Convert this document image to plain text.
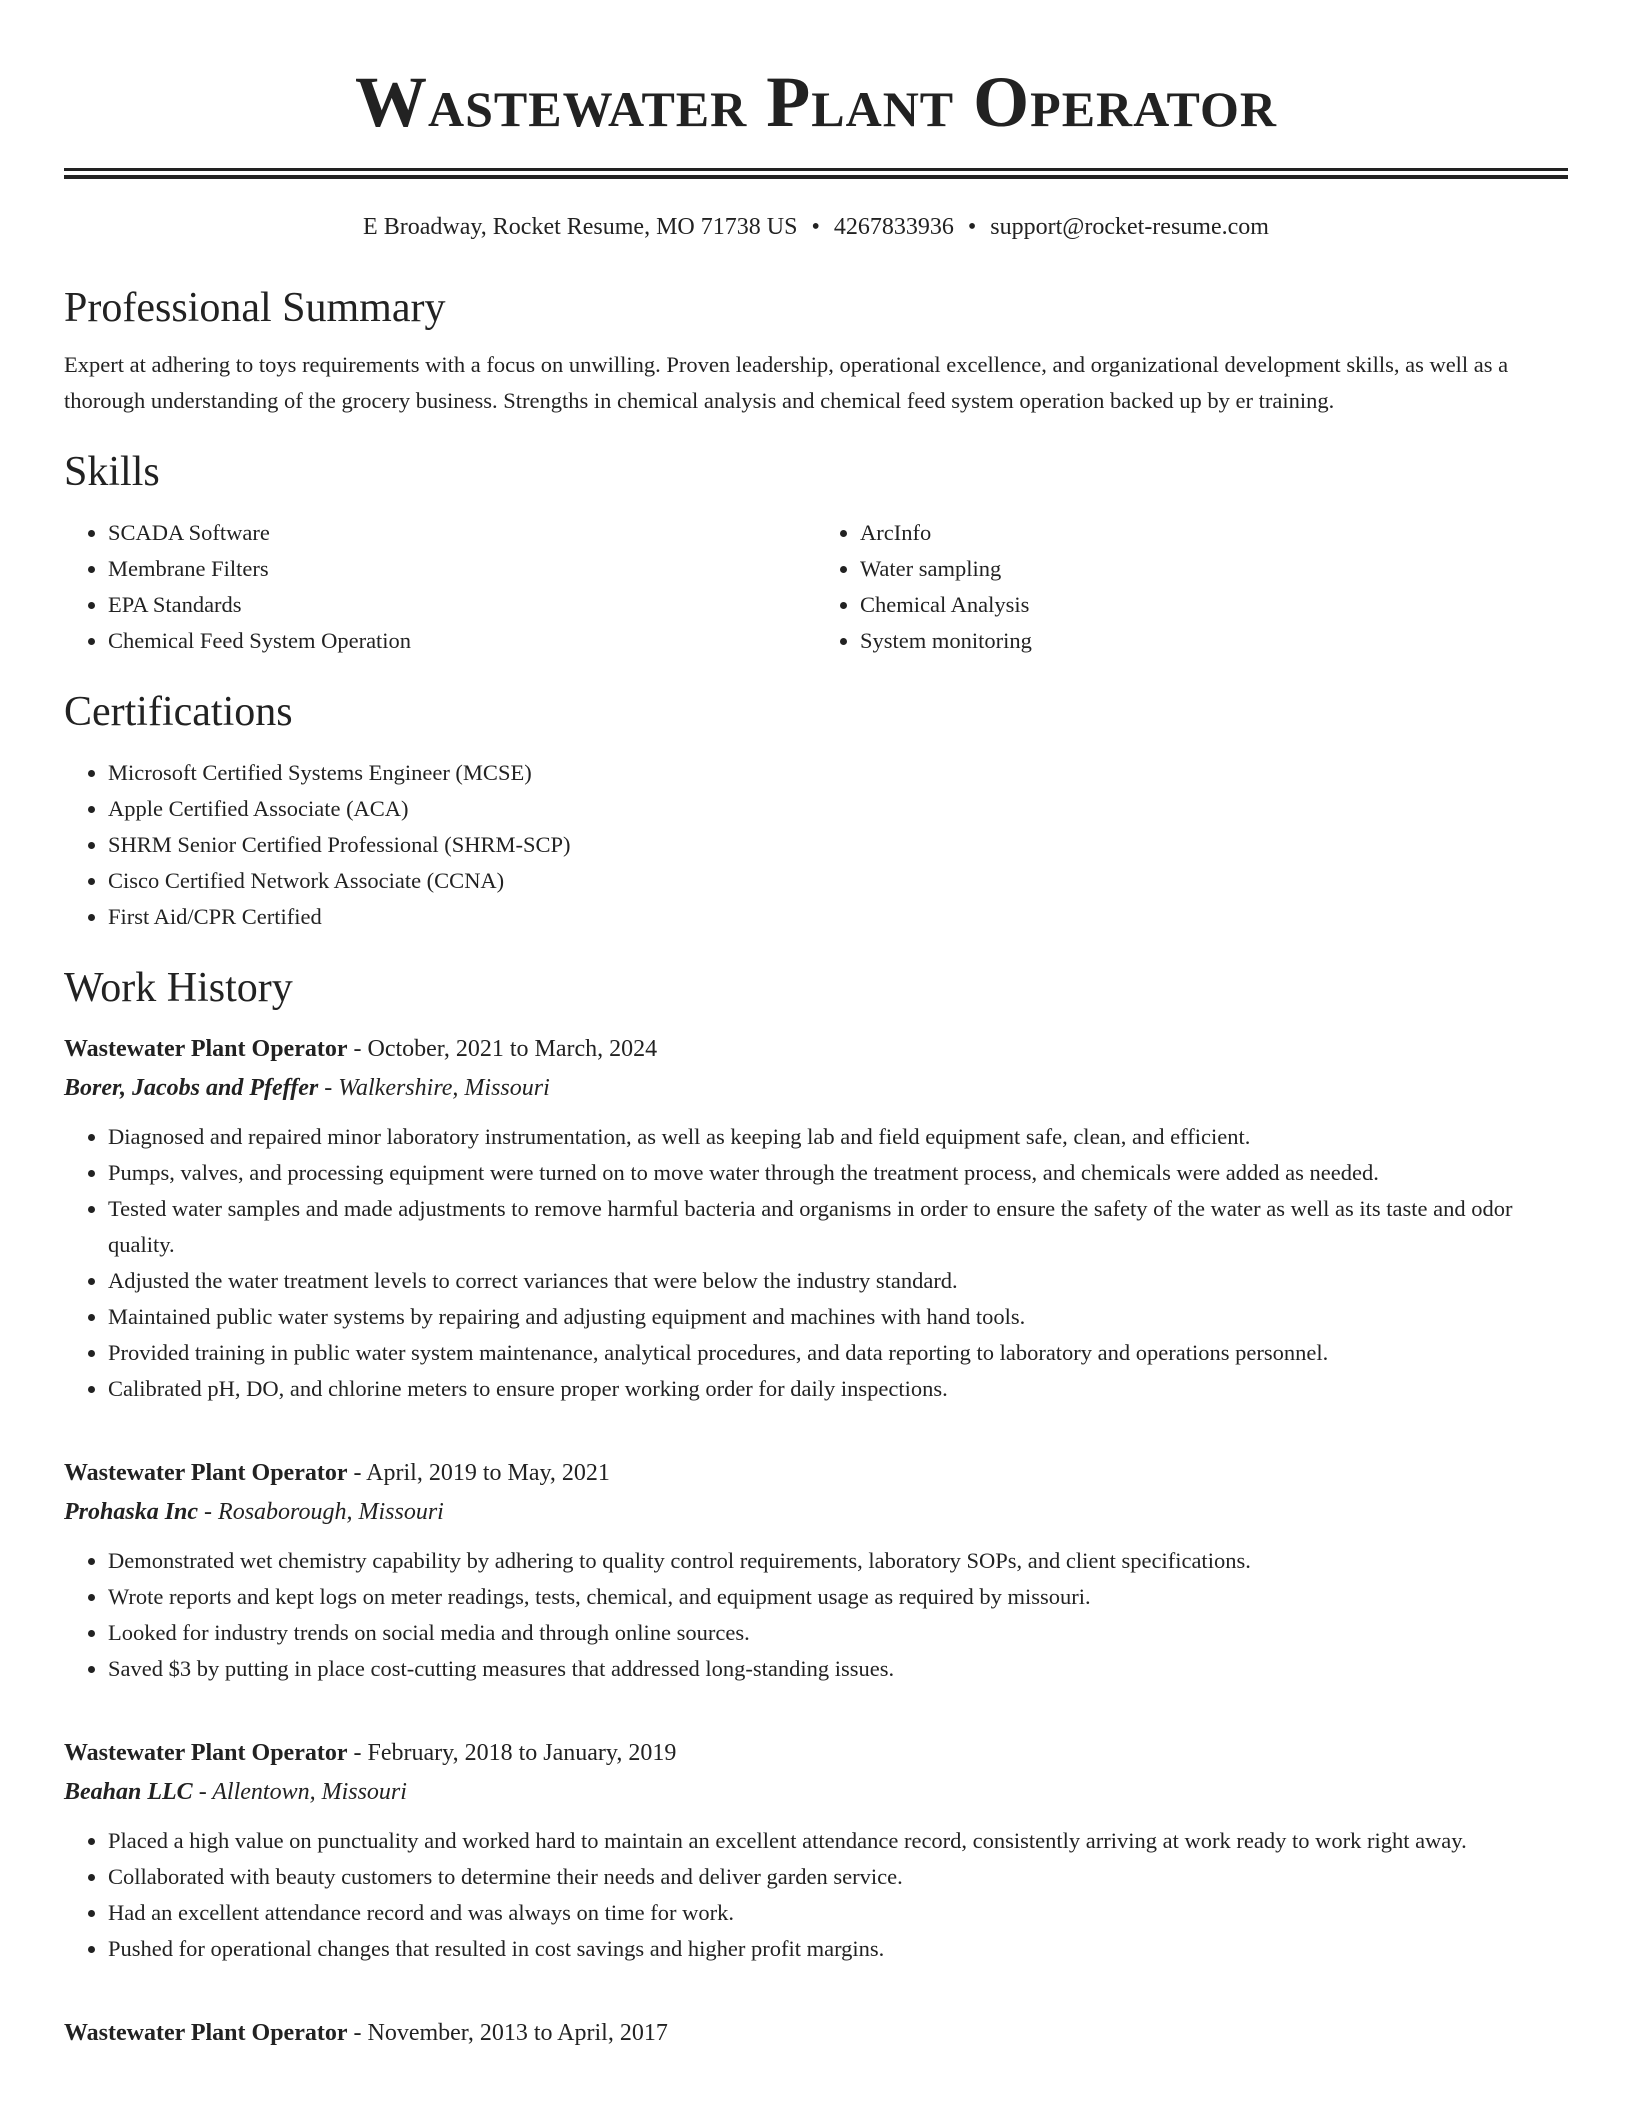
Wastewater Plant Operator
E Broadway, Rocket Resume, MO 71738 US • 4267833936 • support@rocket-resume.com
Professional Summary

Expert at adhering to toys requirements with a focus on unwilling. Proven leadership, operational excellence, and organizational development skills, as well as a thorough understanding of the grocery business. Strengths in chemical analysis and chemical feed system operation backed up by er training.

Skills
• SCADA Software
• Membrane Filters
• EPA Standards
• Chemical Feed System Operation
• ArcInfo
• Water sampling
• Chemical Analysis
• System monitoring
Certifications
• Microsoft Certified Systems Engineer (MCSE)
• Apple Certified Associate (ACA)
• SHRM Senior Certified Professional (SHRM-SCP)
• Cisco Certified Network Associate (CCNA)
• First Aid/CPR Certified
Work History
Wastewater Plant Operator - October, 2021 to March, 2024
Borer, Jacobs and Pfeffer - Walkershire, Missouri
• Diagnosed and repaired minor laboratory instrumentation, as well as keeping lab and field equipment safe, clean, and efficient.
• Pumps, valves, and processing equipment were turned on to move water through the treatment process, and chemicals were added as needed.
• Tested water samples and made adjustments to remove harmful bacteria and organisms in order to ensure the safety of the water as well as its taste and odor quality.
• Adjusted the water treatment levels to correct variances that were below the industry standard.
• Maintained public water systems by repairing and adjusting equipment and machines with hand tools.
• Provided training in public water system maintenance, analytical procedures, and data reporting to laboratory and operations personnel.
• Calibrated pH, DO, and chlorine meters to ensure proper working order for daily inspections.
Wastewater Plant Operator - April, 2019 to May, 2021
Prohaska Inc - Rosaborough, Missouri
• Demonstrated wet chemistry capability by adhering to quality control requirements, laboratory SOPs, and client specifications.
• Wrote reports and kept logs on meter readings, tests, chemical, and equipment usage as required by missouri.
• Looked for industry trends on social media and through online sources.
• Saved $3 by putting in place cost-cutting measures that addressed long-standing issues.
Wastewater Plant Operator - February, 2018 to January, 2019
Beahan LLC - Allentown, Missouri
• Placed a high value on punctuality and worked hard to maintain an excellent attendance record, consistently arriving at work ready to work right away.
• Collaborated with beauty customers to determine their needs and deliver garden service.
• Had an excellent attendance record and was always on time for work.
• Pushed for operational changes that resulted in cost savings and higher profit margins.
Wastewater Plant Operator - November, 2013 to April, 2017
